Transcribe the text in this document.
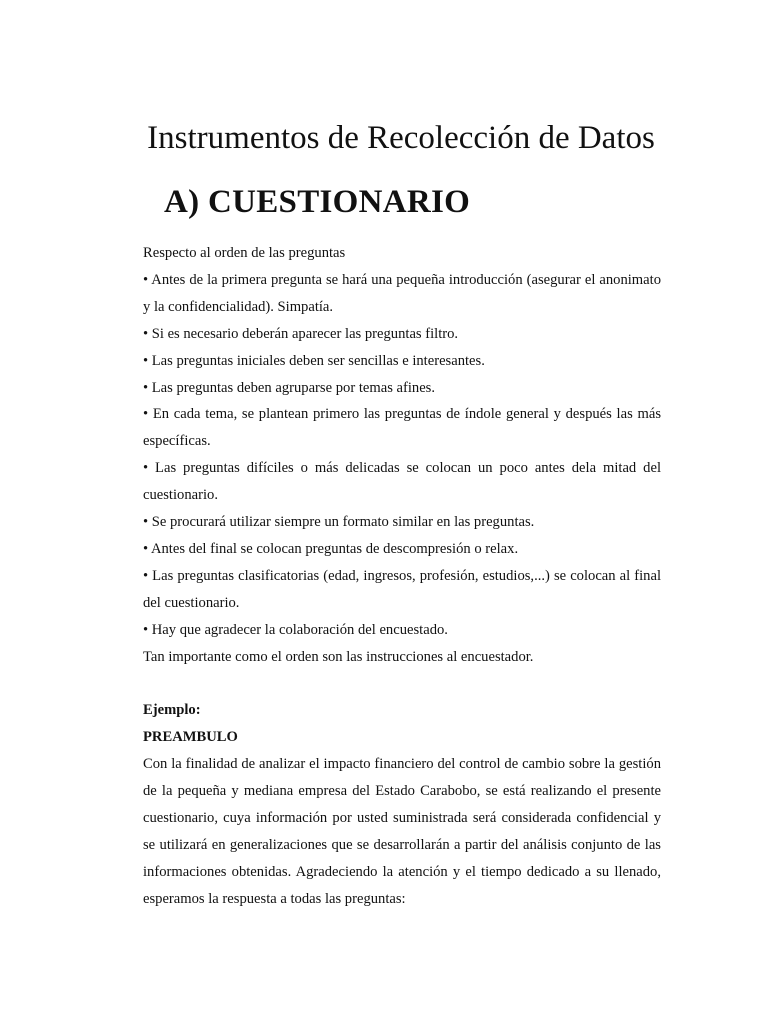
Instrumentos de Recolección de Datos
A) CUESTIONARIO

Respecto al orden de las preguntas

• Antes de la primera pregunta se hará una pequeña introducción (asegurar el anonimato y la confidencialidad). Simpatía.

• Si es necesario deberán aparecer las preguntas filtro.

• Las preguntas iniciales deben ser sencillas e interesantes.

• Las preguntas deben agruparse por temas afines.

• En cada tema, se plantean primero las preguntas de índole general y después las más específicas.

• Las preguntas difíciles o más delicadas se colocan un poco antes dela mitad del cuestionario.

• Se procurará utilizar siempre un formato similar en las preguntas.

• Antes del final se colocan preguntas de descompresión o relax.

• Las preguntas clasificatorias (edad, ingresos, profesión, estudios,...) se colocan al final del cuestionario.

• Hay que agradecer la colaboración del encuestado.

Tan importante como el orden son las instrucciones al encuestador.

Ejemplo:

PREAMBULO

Con la finalidad de analizar el impacto financiero del control de cambio sobre la gestión de la pequeña y mediana empresa del Estado Carabobo, se está realizando el presente cuestionario, cuya información por usted suministrada será considerada confidencial y se utilizará en generalizaciones que se desarrollarán a partir del análisis conjunto de las informaciones obtenidas. Agradeciendo la atención y el tiempo dedicado a su llenado, esperamos la respuesta a todas las preguntas:
